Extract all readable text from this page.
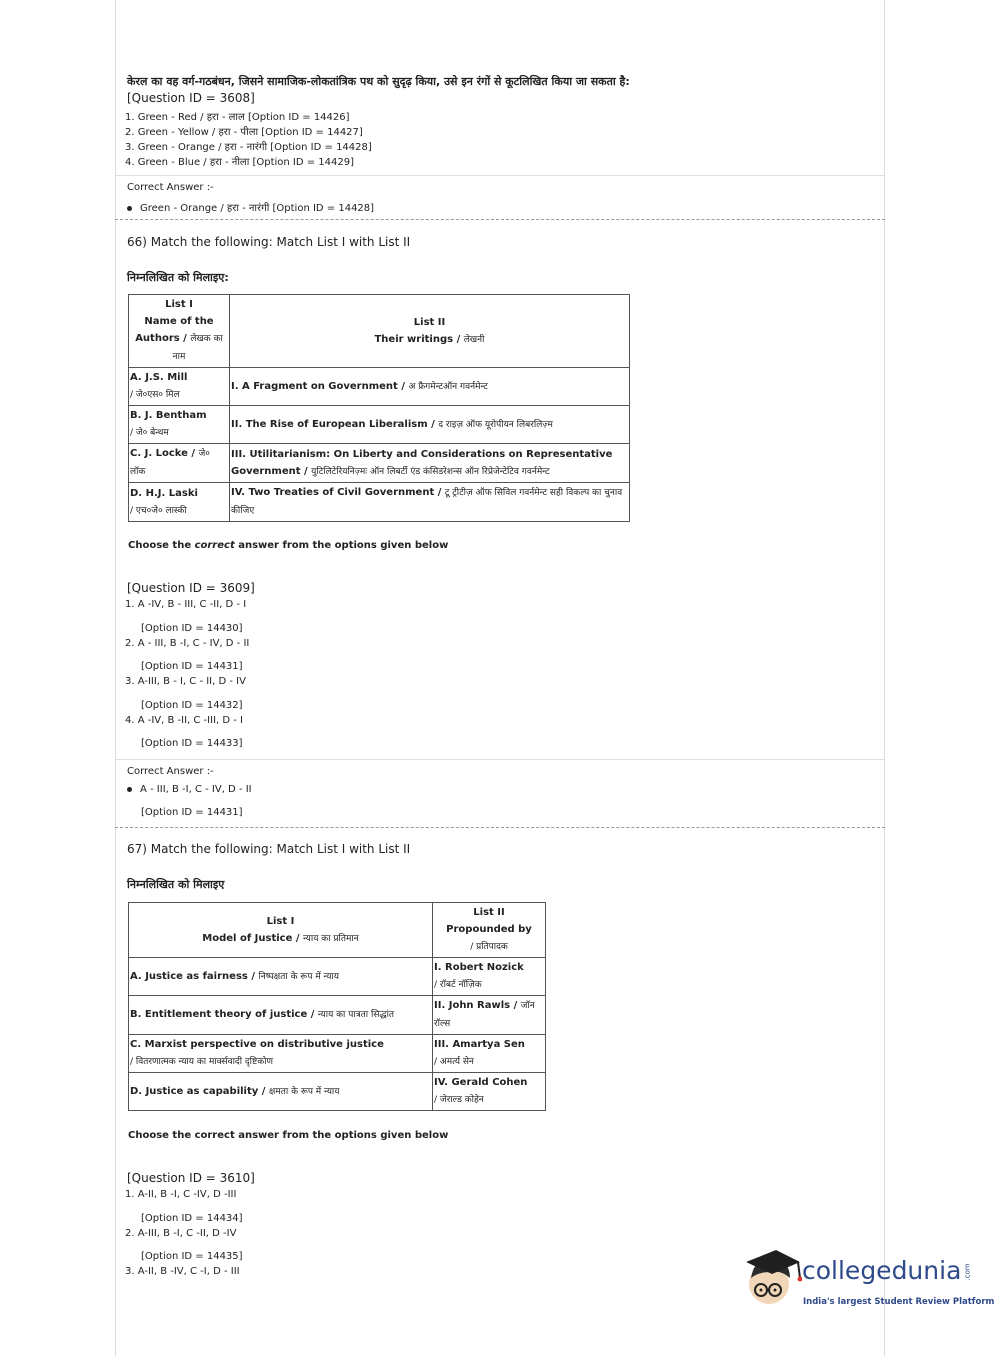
केरल का वह वर्ग-गठबंधन, जिसने सामाजिक-लोकतांत्रिक पथ को सुदृढ़ किया, उसे इन रंगों से कूटलिखित किया जा सकता है:
[Question ID = 3608]
1. Green - Red / हरा - लाल [Option ID = 14426]
2. Green - Yellow / हरा - पीला [Option ID = 14427]
3. Green - Orange / हरा - नारंगी [Option ID = 14428]
4. Green - Blue / हरा - नीला [Option ID = 14429]
Correct Answer :-
Green - Orange / हरा - नारंगी [Option ID = 14428]
66) Match the following: Match List I with List II
निम्नलिखित को मिलाइए:
List I
Name of the
Authors / लेखक का
नाम	List II
Their writings / लेखनी
A. J.S. Mill
/ जे०एस० मिल	I. A Fragment on Government / अ फ्रैगमेन्टऑन गवर्नमेन्ट
B. J. Bentham
/ जे० बेन्थम	II. The Rise of European Liberalism / द राइज़ ऑफ यूरोपीयन लिबरलिज़्म
C. J. Locke / जे० लॉक	III. Utilitarianism: On Liberty and Considerations on Representative Government / युटिलिटेरियनिज़्मः ऑन लिबर्टी एंड कंसिडरेशन्स ऑन रिप्रेजेन्टेटिव गवर्नमेन्ट
D. H.J. Laski
/ एच०जे० लास्की	IV. Two Treaties of Civil Government / टू ट्रीटीज़ ऑफ सिविल गवर्नमेन्ट सही विकल्प का चुनाव कीजिए
Choose the correct answer from the options given below
[Question ID = 3609]
1. A -IV, B - III, C -II, D - I
[Option ID = 14430]
2. A - III, B -I, C - IV, D - II
[Option ID = 14431]
3. A-III, B - I, C - II, D - IV
[Option ID = 14432]
4. A -IV, B -II, C -III, D - I
[Option ID = 14433]
Correct Answer :-
A - III, B -I, C - IV, D - II
[Option ID = 14431]
67) Match the following: Match List I with List II
निम्नलिखित को मिलाइए
List I
Model of Justice / न्याय का प्रतिमान	List II
Propounded by
/ प्रतिपादक
A. Justice as fairness / निष्पक्षता के रूप में न्याय	I. Robert Nozick
/ रॉबर्ट नॉज़िक
B. Entitlement theory of justice / न्याय का पात्रता सिद्धांत	II. John Rawls / जॉन रॉल्स
C. Marxist perspective on distributive justice
/ वितरणात्मक न्याय का मार्क्सवादी दृष्टिकोण	III. Amartya Sen
/ अमर्त्य सेन
D. Justice as capability / क्षमता के रूप में न्याय	IV. Gerald Cohen
/ जेराल्ड कोहेन
Choose the correct answer from the options given below
[Question ID = 3610]
1. A-II, B -I, C -IV, D -III
[Option ID = 14434]
2. A-III, B -I, C -II, D -IV
[Option ID = 14435]
3. A-II, B -IV, C -I, D - III	collegedunia .com
India's largest Student Review Platform
